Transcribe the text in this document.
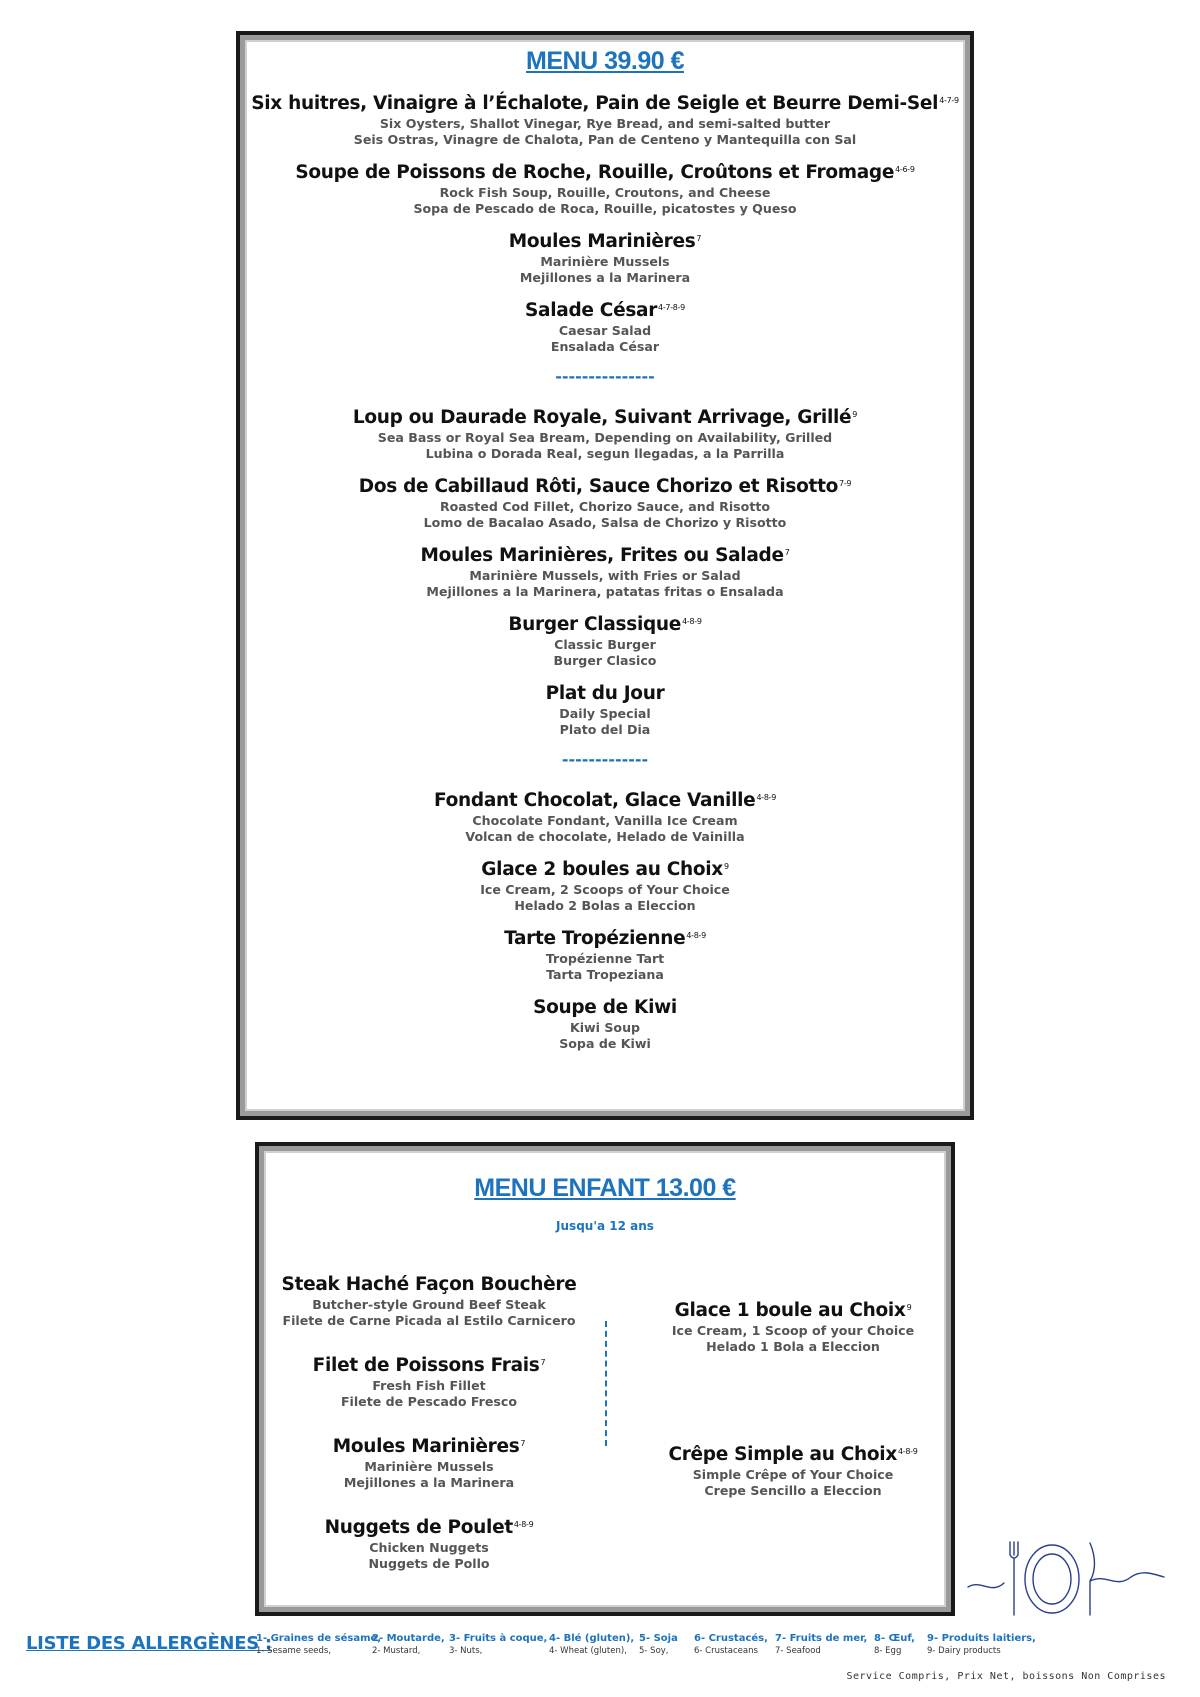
MENU 39.90 €
Six huitres, Vinaigre à l’Échalote, Pain de Seigle et Beurre Demi-Sel$^{4-7-9}$
Six Oysters, Shallot Vinegar, Rye Bread, and semi-salted butter
Seis Ostras, Vinagre de Chalota, Pan de Centeno y Mantequilla con Sal
Soupe de Poissons de Roche, Rouille, Croûtons et Fromage$^{4-6-9}$
Rock Fish Soup, Rouille, Croutons, and Cheese
Sopa de Pescado de Roca, Rouille, picatostes y Queso
Moules Marinières$^7$
Marinière Mussels
Mejillones a la Marinera
Salade César$^{4-7-8-9}$
Caesar Salad
Ensalada César
---------------
Loup ou Daurade Royale, Suivant Arrivage, Grillé$^9$
Sea Bass or Royal Sea Bream, Depending on Availability, Grilled
Lubina o Dorada Real, segun llegadas, a la Parrilla
Dos de Cabillaud Rôti, Sauce Chorizo et Risotto$^{7-9}$
Roasted Cod Fillet, Chorizo Sauce, and Risotto
Lomo de Bacalao Asado, Salsa de Chorizo y Risotto
Moules Marinières, Frites ou Salade$^7$
Marinière Mussels, with Fries or Salad
Mejillones a la Marinera, patatas fritas o Ensalada
Burger Classique$^{4-8-9}$
Classic Burger
Burger Clasico
Plat du Jour
Daily Special
Plato del Dia
-------------
Fondant Chocolat, Glace Vanille$^{4-8-9}$
Chocolate Fondant, Vanilla Ice Cream
Volcan de chocolate, Helado de Vainilla
Glace 2 boules au Choix$^9$
Ice Cream, 2 Scoops of Your Choice
Helado 2 Bolas a Eleccion
Tarte Tropézienne$^{4-8-9}$
Tropézienne Tart
Tarta Tropeziana
Soupe de Kiwi
Kiwi Soup
Sopa de Kiwi
MENU ENFANT 13.00 €
Jusqu'a 12 ans
Steak Haché Façon Bouchère
Butcher-style Ground Beef Steak
Filete de Carne Picada al Estilo Carnicero
Filet de Poissons Frais$^7$
Fresh Fish Fillet
Filete de Pescado Fresco
Moules Marinières$^7$
Marinière Mussels
Mejillones a la Marinera
Nuggets de Poulet$^{4-8-9}$
Chicken Nuggets
Nuggets de Pollo
Glace 1 boule au Choix$^9$
Ice Cream, 1 Scoop of your Choice
Helado 1 Bola a Eleccion
Crêpe Simple au Choix$^{4-8-9}$
Simple Crêpe of Your Choice
Crepe Sencillo a Eleccion
LISTE DES ALLERGÈNES :
1- Graines de sésame,
1- Sesame seeds,
2- Moutarde,
2- Mustard,
3- Fruits à coque,
3- Nuts,
4- Blé (gluten),
4- Wheat (gluten),
5- Soja
5- Soy,
6- Crustacés,
6- Crustaceans
7- Fruits de mer,
7- Seafood
8- Œuf,
8- Egg
9- Produits laitiers,
9- Dairy products
Service Compris, Prix Net, boissons Non Comprises
